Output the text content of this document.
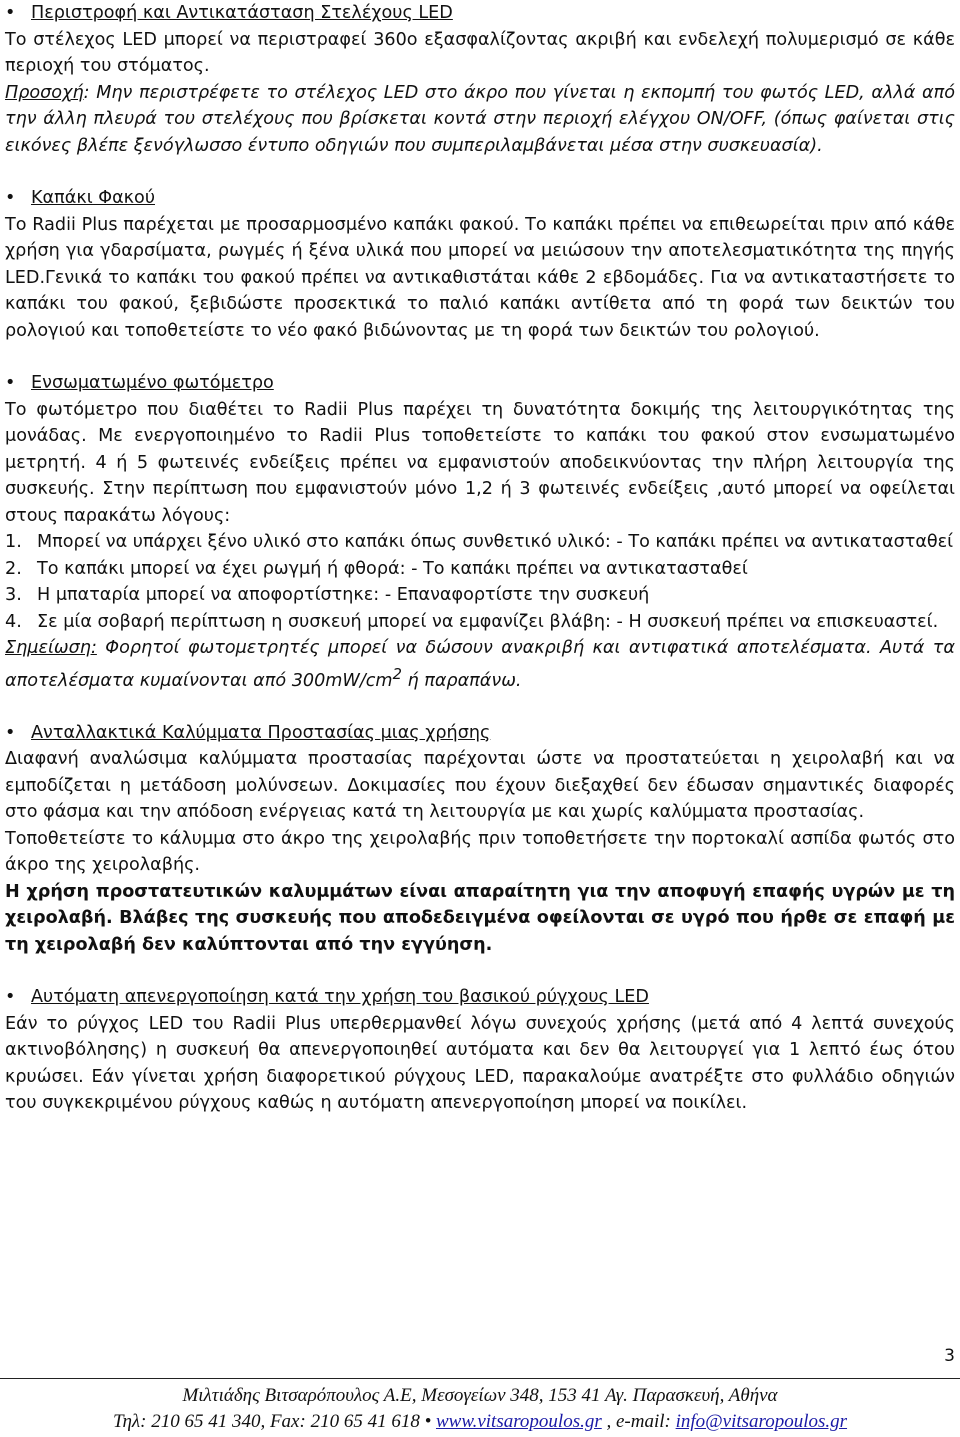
• Περιστροφή και Αντικατάσταση Στελέχους LED

Το στέλεχος LED μπορεί να περιστραφεί 360ο εξασφαλίζοντας ακριβή και ενδελεχή πολυμερισμό σε κάθε περιοχή του στόματος.
Προσοχή: Μην περιστρέφετε το στέλεχος LED στο άκρο που γίνεται η εκπομπή του φωτός LED, αλλά από την άλλη πλευρά του στελέχους που βρίσκεται κοντά στην περιοχή ελέγχου ON/OFF, (όπως φαίνεται στις εικόνες βλέπε ξενόγλωσσο έντυπο οδηγιών που συμπεριλαμβάνεται μέσα στην συσκευασία).

• Καπάκι Φακού

Το Radii Plus παρέχεται με προσαρμοσμένο καπάκι φακού. Το καπάκι πρέπει να επιθεωρείται πριν από κάθε χρήση για γδαρσίματα, ρωγμές ή ξένα υλικά που μπορεί να μειώσουν την αποτελεσματικότητα της πηγής LED.Γενικά το καπάκι του φακού πρέπει να αντικαθιστάται κάθε 2 εβδομάδες. Για να αντικαταστήσετε το καπάκι του φακού, ξεβιδώστε προσεκτικά το παλιό καπάκι αντίθετα από τη φορά των δεικτών του ρολογιού και τοποθετείστε το νέο φακό βιδώνοντας με τη φορά των δεικτών του ρολογιού.

• Ενσωματωμένο φωτόμετρο

Το φωτόμετρο που διαθέτει το Radii Plus παρέχει τη δυνατότητα δοκιμής της λειτουργικότητας της μονάδας. Με ενεργοποιημένο το Radii Plus τοποθετείστε το καπάκι του φακού στον ενσωματωμένο μετρητή. 4 ή 5 φωτεινές ενδείξεις πρέπει να εμφανιστούν αποδεικνύοντας την πλήρη λειτουργία της συσκευής. Στην περίπτωση που εμφανιστούν μόνο 1,2 ή 3 φωτεινές ενδείξεις ,αυτό μπορεί να οφείλεται στους παρακάτω λόγους:

1. Μπορεί να υπάρχει ξένο υλικό στο καπάκι όπως συνθετικό υλικό: - Το καπάκι πρέπει να αντικατασταθεί
2. Το καπάκι μπορεί να έχει ρωγμή ή φθορά: - Το καπάκι πρέπει να αντικατασταθεί
3. Η μπαταρία μπορεί να αποφορτίστηκε: - Επαναφορτίστε την συσκευή
4. Σε μία σοβαρή περίπτωση η συσκευή μπορεί να εμφανίζει βλάβη: - Η συσκευή πρέπει να επισκευαστεί.

Σημείωση: Φορητοί φωτομετρητές μπορεί να δώσουν ανακριβή και αντιφατικά αποτελέσματα. Αυτά τα αποτελέσματα κυμαίνονται από $300mW/cm^2$ ή παραπάνω.

• Ανταλλακτικά Καλύμματα Προστασίας μιας χρήσης

Διαφανή αναλώσιμα καλύμματα προστασίας παρέχονται ώστε να προστατεύεται η χειρολαβή και να εμποδίζεται η μετάδοση μολύνσεων. Δοκιμασίες που έχουν διεξαχθεί δεν έδωσαν σημαντικές διαφορές στο φάσμα και την απόδοση ενέργειας κατά τη λειτουργία με και χωρίς καλύμματα προστασίας.

Τοποθετείστε το κάλυμμα στο άκρο της χειρολαβής πριν τοποθετήσετε την πορτοκαλί ασπίδα φωτός στο άκρο της χειρολαβής.

Η χρήση προστατευτικών καλυμμάτων είναι απαραίτητη για την αποφυγή επαφής υγρών με τη χειρολαβή. Βλάβες της συσκευής που αποδεδειγμένα οφείλονται σε υγρό που ήρθε σε επαφή με τη χειρολαβή δεν καλύπτονται από την εγγύηση.

• Αυτόματη απενεργοποίηση κατά την χρήση του βασικού ρύγχους LED

Εάν το ρύγχος LED του Radii Plus υπερθερμανθεί λόγω συνεχούς χρήσης (μετά από 4 λεπτά συνεχούς ακτινοβόλησης) η συσκευή θα απενεργοποιηθεί αυτόματα και δεν θα λειτουργεί για 1 λεπτό έως ότου κρυώσει. Εάν γίνεται χρήση διαφορετικού ρύγχους LED, παρακαλούμε ανατρέξτε στο φυλλάδιο οδηγιών του συγκεκριμένου ρύγχους καθώς η αυτόματη απενεργοποίηση μπορεί να ποικίλει.

3
Μιλτιάδης Βιτσαρόπουλος Α.Ε, Μεσογείων 348, 153 41 Αγ. Παρασκευή, Αθήνα
Τηλ: 210 65 41 340, Fax: 210 65 41 618 • www.vitsaropoulos.gr , e-mail: info@vitsaropoulos.gr
